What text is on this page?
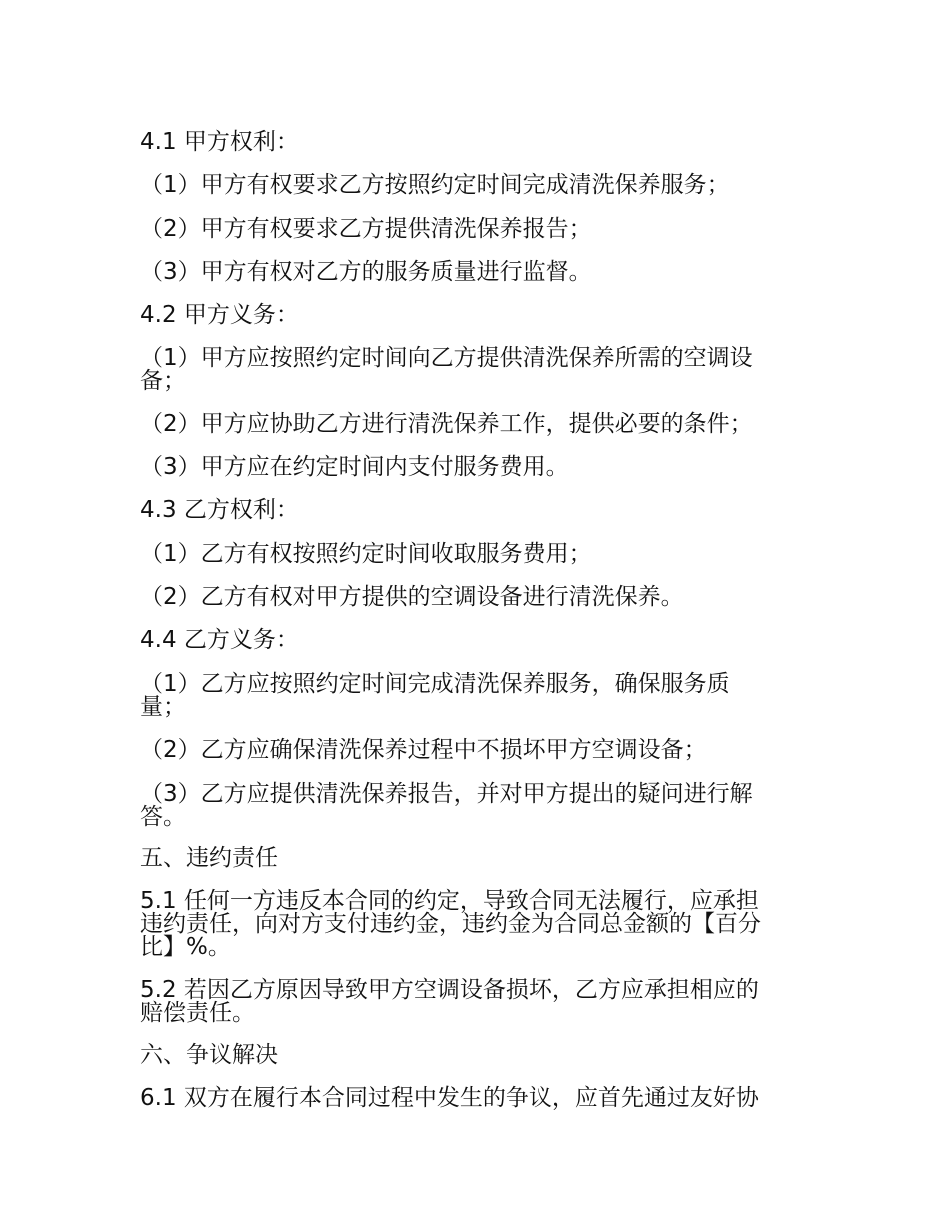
4.1 甲方权利：
（1）甲方有权要求乙方按照约定时间完成清洗保养服务；
（2）甲方有权要求乙方提供清洗保养报告；
（3）甲方有权对乙方的服务质量进行监督。
4.2 甲方义务：
（1）甲方应按照约定时间向乙方提供清洗保养所需的空调设
备；
（2）甲方应协助乙方进行清洗保养工作，提供必要的条件；
（3）甲方应在约定时间内支付服务费用。
4.3 乙方权利：
（1）乙方有权按照约定时间收取服务费用；
（2）乙方有权对甲方提供的空调设备进行清洗保养。
4.4 乙方义务：
（1）乙方应按照约定时间完成清洗保养服务，确保服务质
量；
（2）乙方应确保清洗保养过程中不损坏甲方空调设备；
（3）乙方应提供清洗保养报告，并对甲方提出的疑问进行解
答。
五、违约责任
5.1 任何一方违反本合同的约定，导致合同无法履行，应承担
违约责任，向对方支付违约金，违约金为合同总金额的【百分
比】%。
5.2 若因乙方原因导致甲方空调设备损坏，乙方应承担相应的
赔偿责任。
六、争议解决
6.1 双方在履行本合同过程中发生的争议，应首先通过友好协
